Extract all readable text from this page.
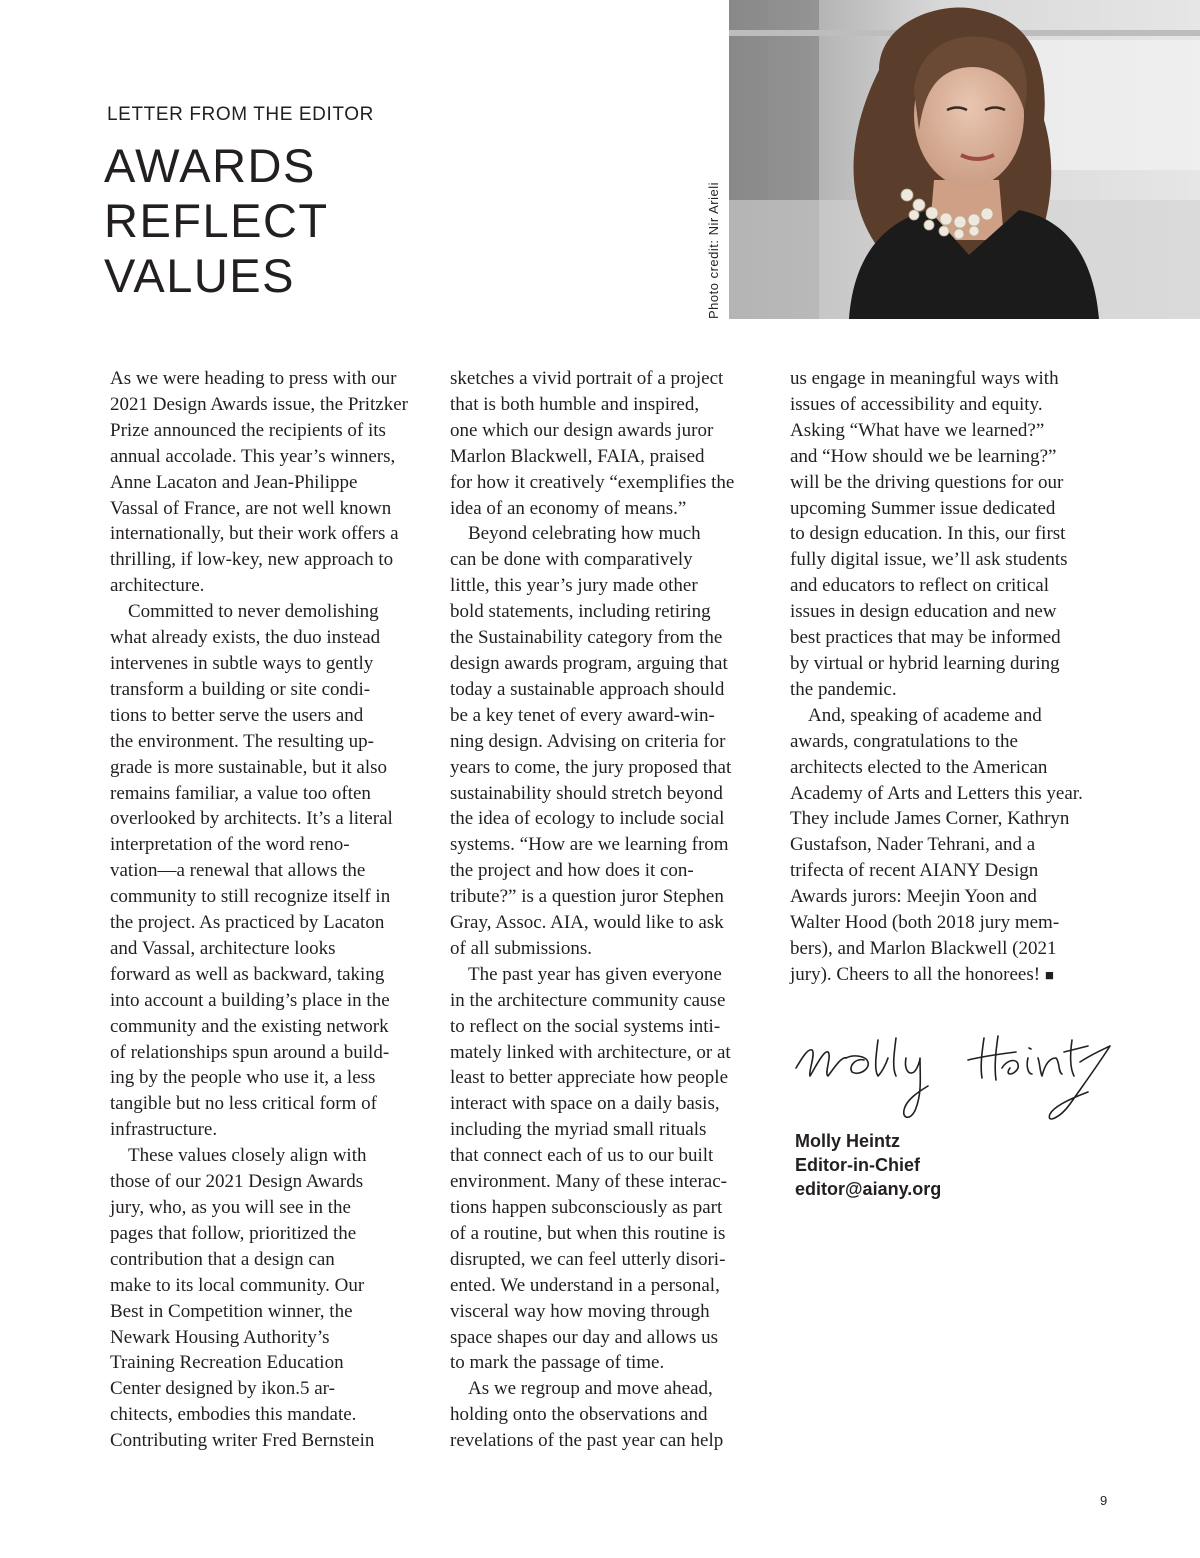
LETTER FROM THE EDITOR
AWARDS
REFLECT
VALUES	Photo credit: Nir Arieli

As we were heading to press with our
2021 Design Awards issue, the Pritzker
Prize announced the recipients of its
annual accolade. This year’s winners,
Anne Lacaton and Jean-Philippe
Vassal of France, are not well known
internationally, but their work offers a
thrilling, if low-key, new approach to
architecture.

Committed to never demolishing
what already exists, the duo instead
intervenes in subtle ways to gently
transform a building or site condi-
tions to better serve the users and
the environment. The resulting up-
grade is more sustainable, but it also
remains familiar, a value too often
overlooked by architects. It’s a literal
interpretation of the word reno-
vation—a renewal that allows the
community to still recognize itself in
the project. As practiced by Lacaton
and Vassal, architecture looks
forward as well as backward, taking
into account a building’s place in the
community and the existing network
of relationships spun around a build-
ing by the people who use it, a less
tangible but no less critical form of
infrastructure.

These values closely align with
those of our 2021 Design Awards
jury, who, as you will see in the
pages that follow, prioritized the
contribution that a design can
make to its local community. Our
Best in Competition winner, the
Newark Housing Authority’s
Training Recreation Education
Center designed by ikon.5 ar-
chitects, embodies this mandate.
Contributing writer Fred Bernstein

sketches a vivid portrait of a project
that is both humble and inspired,
one which our design awards juror
Marlon Blackwell, FAIA, praised
for how it creatively “exemplifies the
idea of an economy of means.”

Beyond celebrating how much
can be done with comparatively
little, this year’s jury made other
bold statements, including retiring
the Sustainability category from the
design awards program, arguing that
today a sustainable approach should
be a key tenet of every award-win-
ning design. Advising on criteria for
years to come, the jury proposed that
sustainability should stretch beyond
the idea of ecology to include social
systems. “How are we learning from
the project and how does it con-
tribute?” is a question juror Stephen
Gray, Assoc. AIA, would like to ask
of all submissions.

The past year has given everyone
in the architecture community cause
to reflect on the social systems inti-
mately linked with architecture, or at
least to better appreciate how people
interact with space on a daily basis,
including the myriad small rituals
that connect each of us to our built
environment. Many of these interac-
tions happen subconsciously as part
of a routine, but when this routine is
disrupted, we can feel utterly disori-
ented. We understand in a personal,
visceral way how moving through
space shapes our day and allows us
to mark the passage of time.

As we regroup and move ahead,
holding onto the observations and
revelations of the past year can help

us engage in meaningful ways with
issues of accessibility and equity.
Asking “What have we learned?”
and “How should we be learning?”
will be the driving questions for our
upcoming Summer issue dedicated
to design education. In this, our first
fully digital issue, we’ll ask students
and educators to reflect on critical
issues in design education and new
best practices that may be informed
by virtual or hybrid learning during
the pandemic.

And, speaking of academe and
awards, congratulations to the
architects elected to the American
Academy of Arts and Letters this year.
They include James Corner, Kathryn
Gustafson, Nader Tehrani, and a
trifecta of recent AIANY Design
Awards jurors: Meejin Yoon and
Walter Hood (both 2018 jury mem-
bers), and Marlon Blackwell (2021
jury). Cheers to all the honorees! ■

Molly Heintz
Editor-in-Chief
editor@aiany.org
9
